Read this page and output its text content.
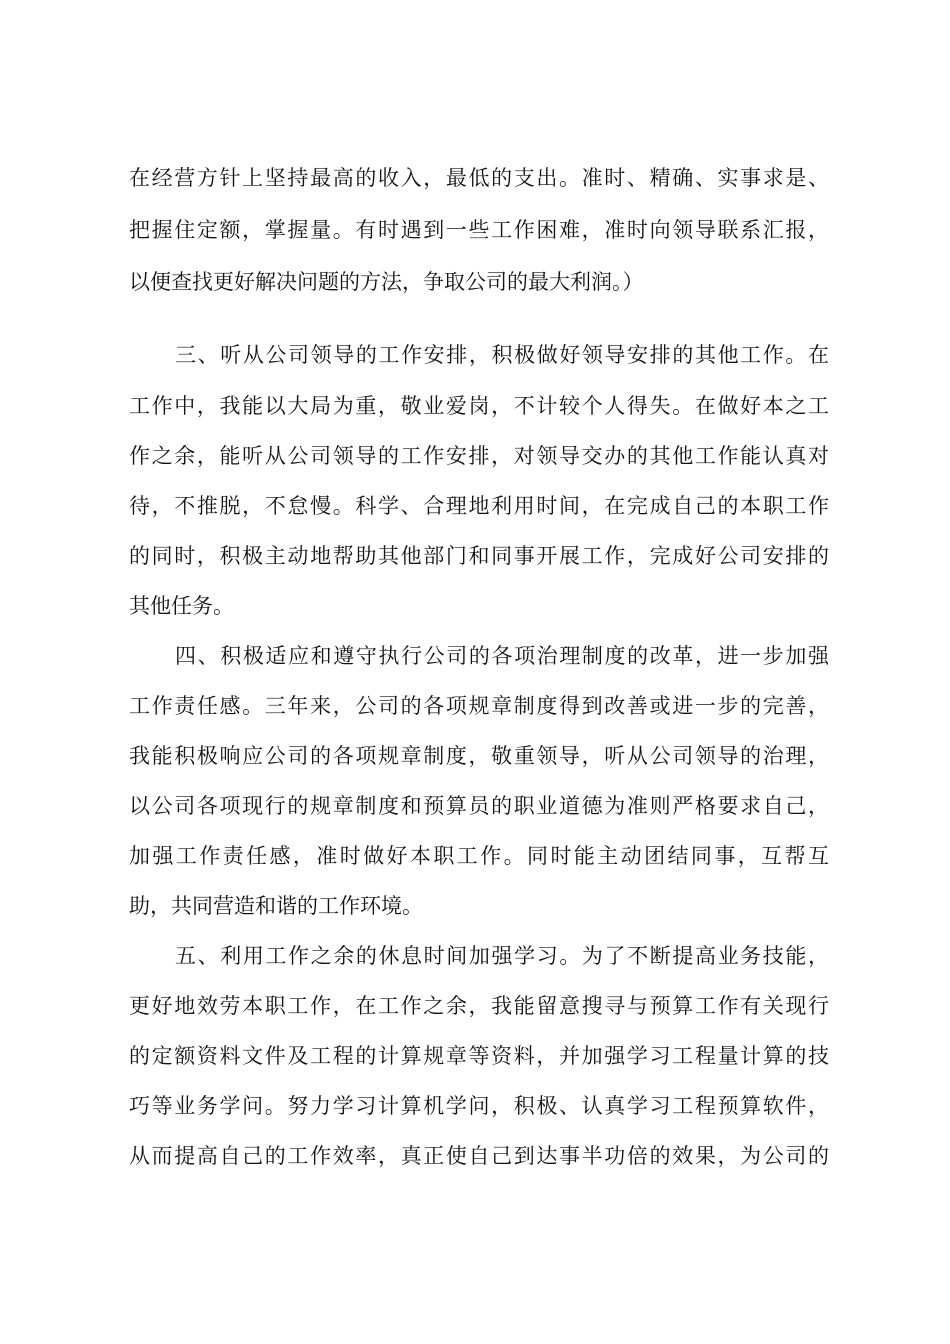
在经营方针上坚持最高的收入，最低的支出。准时、精确、实事求是、
把握住定额，掌握量。有时遇到一些工作困难，准时向领导联系汇报，
以便查找更好解决问题的方法，争取公司的最大利润。）
三、听从公司领导的工作安排，积极做好领导安排的其他工作。在
工作中，我能以大局为重，敬业爱岗，不计较个人得失。在做好本之工
作之余，能听从公司领导的工作安排，对领导交办的其他工作能认真对
待，不推脱，不怠慢。科学、合理地利用时间，在完成自己的本职工作
的同时，积极主动地帮助其他部门和同事开展工作，完成好公司安排的
其他任务。
四、积极适应和遵守执行公司的各项治理制度的改革，进一步加强
工作责任感。三年来，公司的各项规章制度得到改善或进一步的完善，
我能积极响应公司的各项规章制度，敬重领导，听从公司领导的治理，
以公司各项现行的规章制度和预算员的职业道德为准则严格要求自己，
加强工作责任感，准时做好本职工作。同时能主动团结同事，互帮互
助，共同营造和谐的工作环境。
五、利用工作之余的休息时间加强学习。为了不断提高业务技能，
更好地效劳本职工作，在工作之余，我能留意搜寻与预算工作有关现行
的定额资料文件及工程的计算规章等资料，并加强学习工程量计算的技
巧等业务学问。努力学习计算机学问，积极、认真学习工程预算软件，
从而提高自己的工作效率，真正使自己到达事半功倍的效果，为公司的
